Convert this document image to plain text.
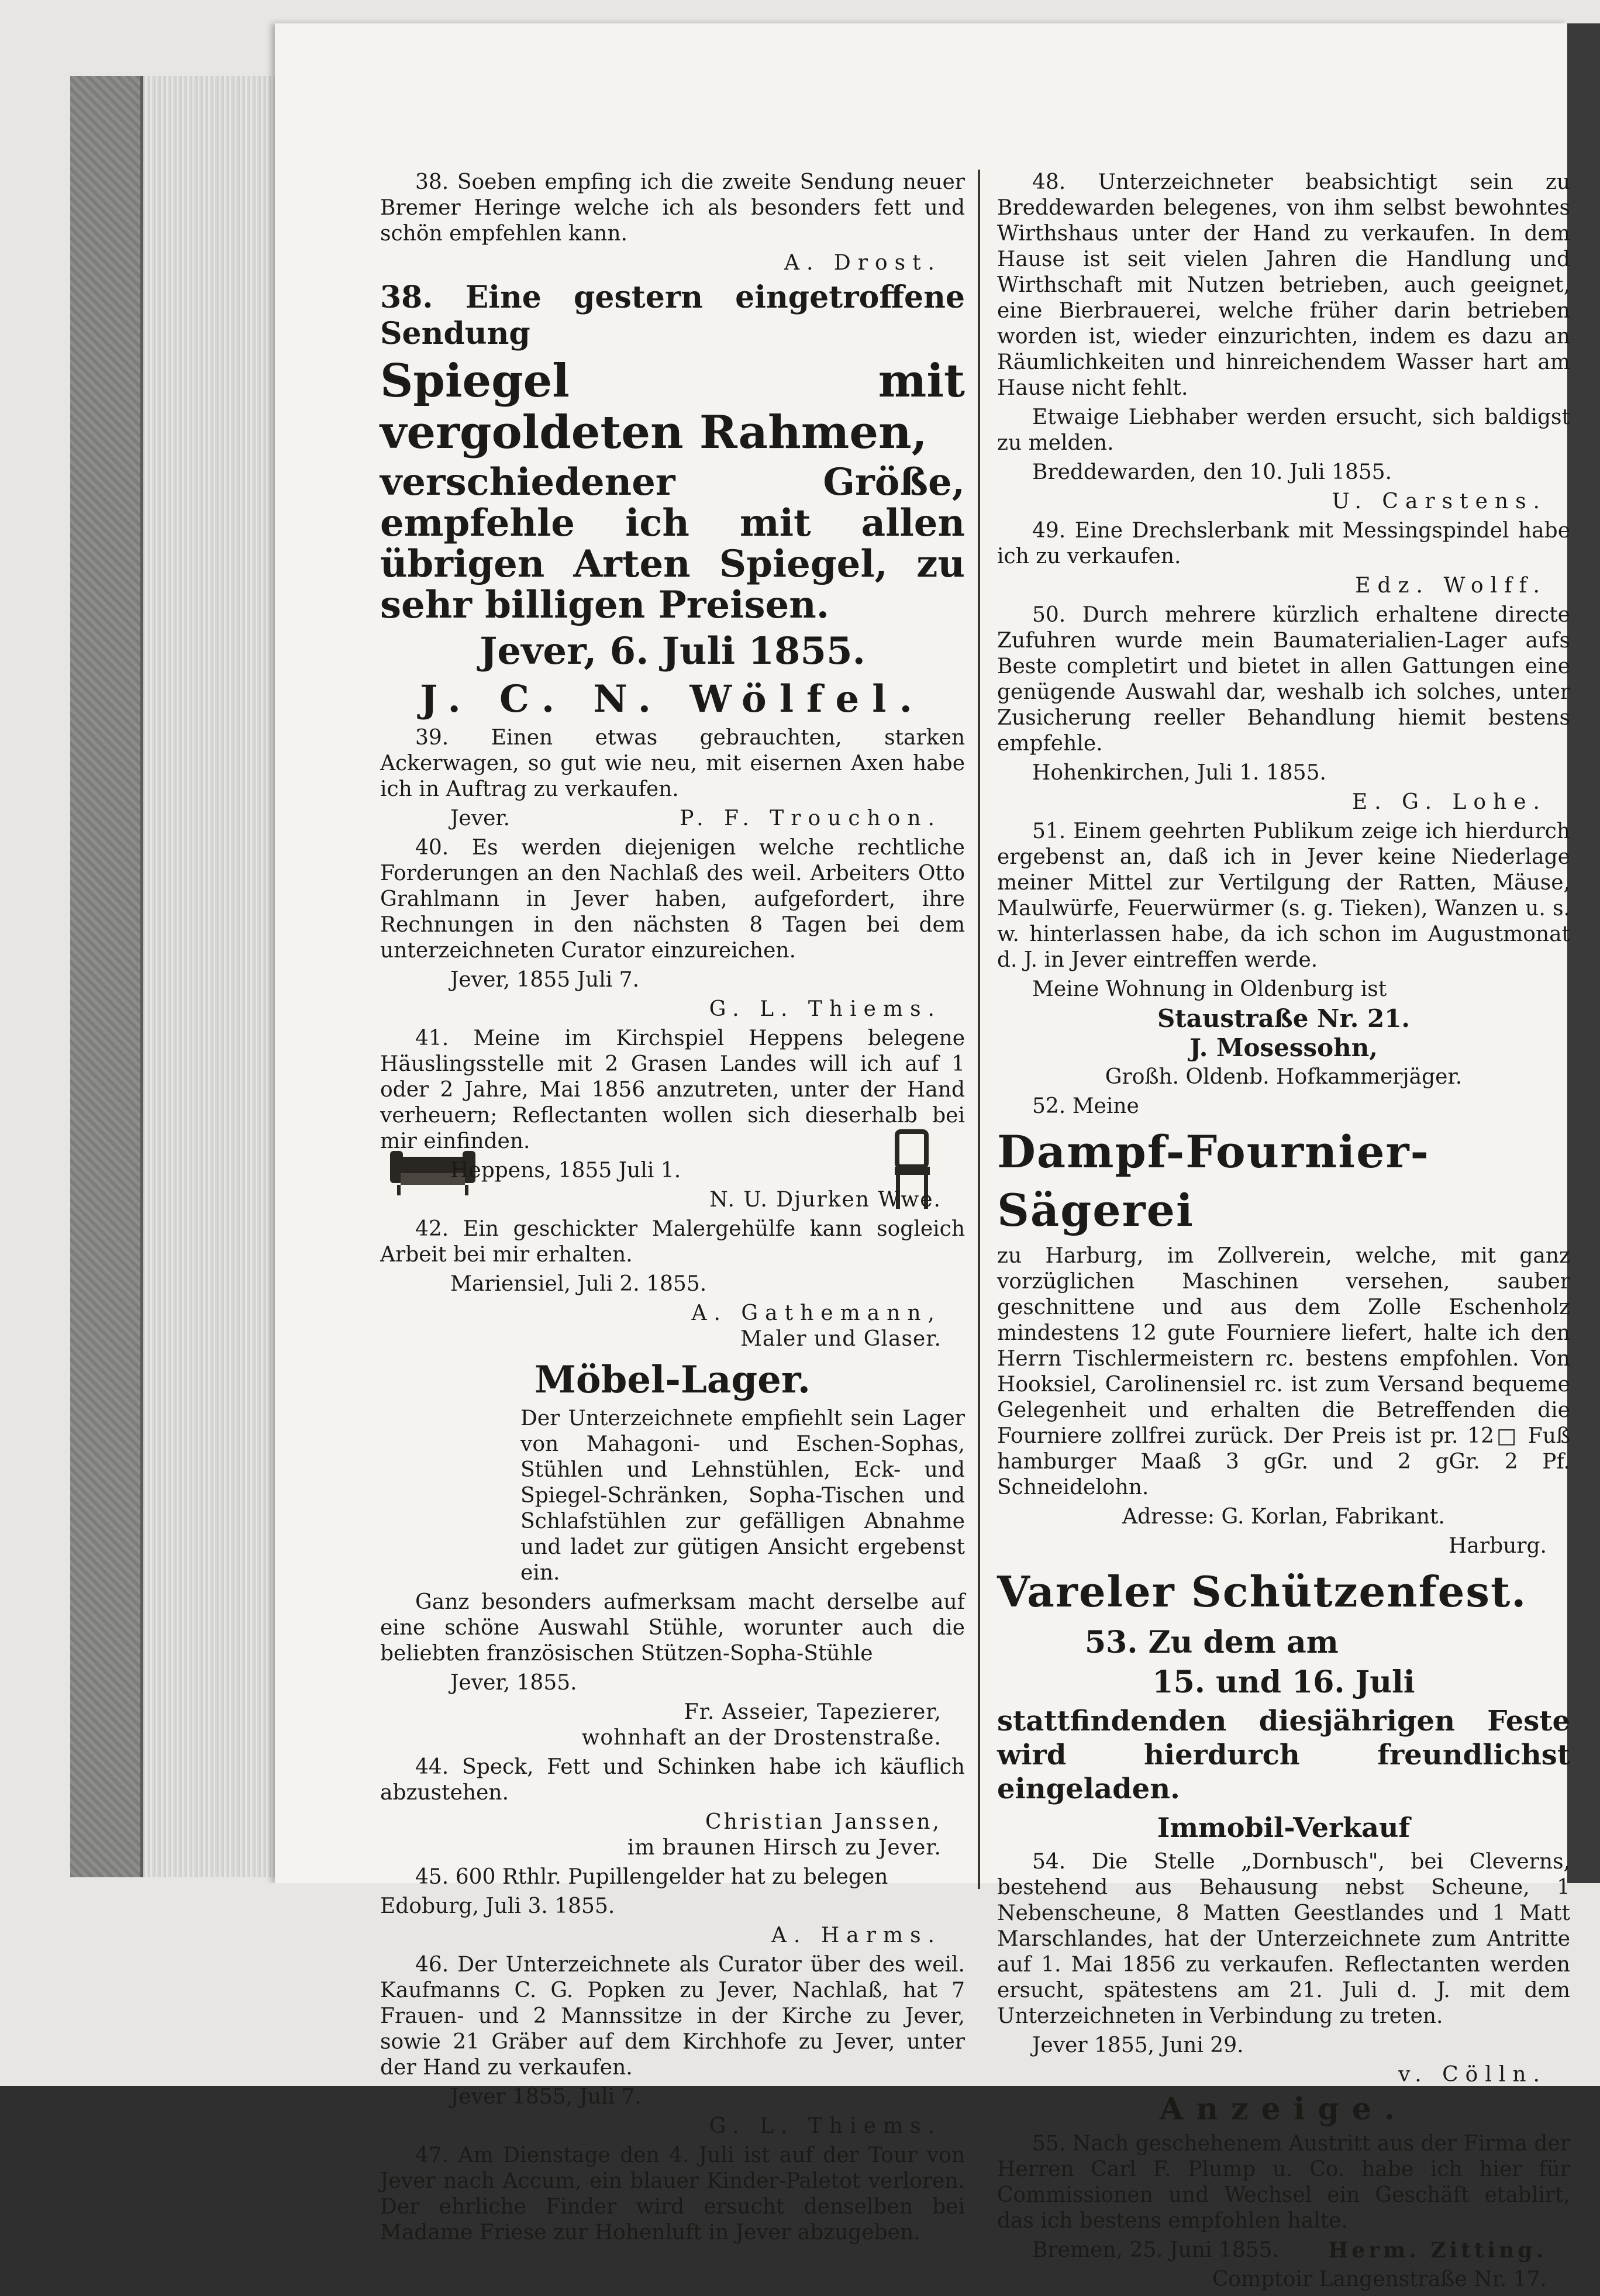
38. Soeben empfing ich die zweite Sendung neuer Bremer Heringe welche ich als besonders fett und schön empfehlen kann.

A. Drost.

38. Eine gestern eingetroffene Sendung

Spiegel mit vergoldeten Rahmen,

verschiedener Größe, empfehle ich mit allen übrigen Arten Spiegel, zu sehr billigen Preisen.

Jever, 6. Juli 1855.

J. C. N. Wölfel.

39. Einen etwas gebrauchten, starken Ackerwagen, so gut wie neu, mit eisernen Axen habe ich in Auftrag zu verkaufen.

Jever.	P. F. Trouchon.

40. Es werden diejenigen welche rechtliche Forderungen an den Nachlaß des weil. Arbeiters Otto Grahlmann in Jever haben, aufgefordert, ihre Rechnungen in den nächsten 8 Tagen bei dem unterzeichneten Curator einzureichen.

Jever, 1855 Juli 7.

G. L. Thiems.

41. Meine im Kirchspiel Heppens belegene Häuslingsstelle mit 2 Grasen Landes will ich auf 1 oder 2 Jahre, Mai 1856 anzutreten, unter der Hand verheuern; Reflectanten wollen sich dieserhalb bei mir einfinden.

Heppens, 1855 Juli 1.

N. U. Djurken Wwe.

42. Ein geschickter Malergehülfe kann sogleich Arbeit bei mir erhalten.

Mariensiel, Juli 2. 1855.

A. Gathemann,

Maler und Glaser.

Möbel-Lager.

Der Unterzeichnete empfiehlt sein Lager von Mahagoni- und Eschen-Sophas, Stühlen und Lehnstühlen, Eck- und Spiegel-Schränken, Sopha-Tischen und Schlafstühlen zur gefälligen Abnahme und ladet zur gütigen Ansicht ergebenst ein.

Ganz besonders aufmerksam macht derselbe auf eine schöne Auswahl Stühle, worunter auch die beliebten französischen Stützen-Sopha-Stühle

Jever, 1855.

Fr. Asseier, Tapezierer,

wohnhaft an der Drostenstraße.

44. Speck, Fett und Schinken habe ich käuflich abzustehen.

Christian Janssen,

im braunen Hirsch zu Jever.

45. 600 Rthlr. Pupillengelder hat zu belegen

Edoburg, Juli 3. 1855.

A. Harms.

46. Der Unterzeichnete als Curator über des weil. Kaufmanns C. G. Popken zu Jever, Nachlaß, hat 7 Frauen- und 2 Mannssitze in der Kirche zu Jever, sowie 21 Gräber auf dem Kirchhofe zu Jever, unter der Hand zu verkaufen.

Jever 1855, Juli 7.

G. L. Thiems.

47. Am Dienstage den 4. Juli ist auf der Tour von Jever nach Accum, ein blauer Kinder-Paletot verloren. Der ehrliche Finder wird ersucht denselben bei Madame Friese zur Hohenluft in Jever abzugeben.

48. Unterzeichneter beabsichtigt sein zu Breddewarden belegenes, von ihm selbst bewohntes Wirthshaus unter der Hand zu verkaufen. In dem Hause ist seit vielen Jahren die Handlung und Wirthschaft mit Nutzen betrieben, auch geeignet, eine Bierbrauerei, welche früher darin betrieben worden ist, wieder einzurichten, indem es dazu an Räumlichkeiten und hinreichendem Wasser hart am Hause nicht fehlt.

Etwaige Liebhaber werden ersucht, sich baldigst zu melden.

Breddewarden, den 10. Juli 1855.

U. Carstens.

49. Eine Drechslerbank mit Messingspindel habe ich zu verkaufen.

Edz. Wolff.

50. Durch mehrere kürzlich erhaltene directe Zufuhren wurde mein Baumaterialien-Lager aufs Beste completirt und bietet in allen Gattungen eine genügende Auswahl dar, weshalb ich solches, unter Zusicherung reeller Behandlung hiemit bestens empfehle.

Hohenkirchen, Juli 1. 1855.

E. G. Lohe.

51. Einem geehrten Publikum zeige ich hierdurch ergebenst an, daß ich in Jever keine Niederlage meiner Mittel zur Vertilgung der Ratten, Mäuse, Maulwürfe, Feuerwürmer (s. g. Tieken), Wanzen u. s. w. hinterlassen habe, da ich schon im Augustmonat d. J. in Jever eintreffen werde.

Meine Wohnung in Oldenburg ist

Staustraße Nr. 21.

J. Mosessohn,

Großh. Oldenb. Hofkammerjäger.

52. Meine

Dampf-Fournier-Sägerei

zu Harburg, im Zollverein, welche, mit ganz vorzüglichen Maschinen versehen, sauber geschnittene und aus dem Zolle Eschenholz mindestens 12 gute Fourniere liefert, halte ich den Herrn Tischlermeistern rc. bestens empfohlen. Von Hooksiel, Carolinensiel rc. ist zum Versand bequeme Gelegenheit und erhalten die Betreffenden die Fourniere zollfrei zurück. Der Preis ist pr. 12□ Fuß hamburger Maaß 3 gGr. und 2 gGr. 2 Pf. Schneidelohn.

Adresse: G. Korlan, Fabrikant.

Harburg.

Vareler Schützenfest.

53. Zu dem am

15. und 16. Juli

stattfindenden diesjährigen Feste wird hierdurch freundlichst eingeladen.

Immobil-Verkauf

54. Die Stelle „Dornbusch", bei Cleverns, bestehend aus Behausung nebst Scheune, 1 Nebenscheune, 8 Matten Geestlandes und 1 Matt Marschlandes, hat der Unterzeichnete zum Antritte auf 1. Mai 1856 zu verkaufen. Reflectanten werden ersucht, spätestens am 21. Juli d. J. mit dem Unterzeichneten in Verbindung zu treten.

Jever 1855, Juni 29.

v. Cölln.

Anzeige.

55. Nach geschehenem Austritt aus der Firma der Herren Carl F. Plump u. Co. habe ich hier für Commissionen und Wechsel ein Geschäft etablirt, das ich bestens empfohlen halte.

Bremen, 25. Juni 1855.	Herm. Zitting.

Comptoir Langenstraße Nr. 17.
